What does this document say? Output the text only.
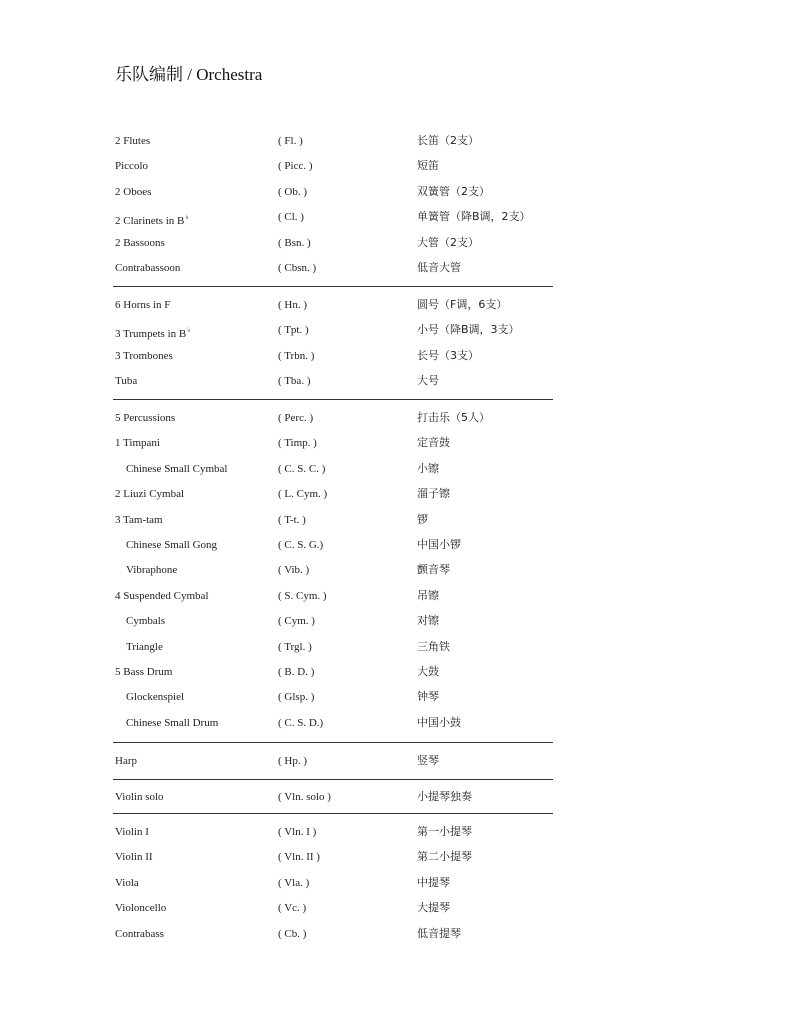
乐队编制 / Orchestra
2 Flutes	( Fl. )	长笛（2支）
Piccolo	( Picc. )	短笛
2 Oboes	( Ob. )	双簧管（2支）
2 Clarinets in B♭	( Cl. )	单簧管（降B调，2支）
2 Bassoons	( Bsn. )	大管（2支）
Contrabassoon	( Cbsn. )	低音大管
6 Horns in F	( Hn. )	圆号（F调，6支）
3 Trumpets in B♭	( Tpt. )	小号（降B调，3支）
3 Trombones	( Trbn. )	长号（3支）
Tuba	( Tba. )	大号
5 Percussions	( Perc. )	打击乐（5人）
1 Timpani	( Timp. )	定音鼓
Chinese Small Cymbal	( C. S. C. )	小镲
2 Liuzi Cymbal	( L. Cym. )	溜子镲
3 Tam-tam	( T-t. )	锣
Chinese Small Gong	( C. S. G.)	中国小锣
Vibraphone	( Vib. )	颤音琴
4 Suspended Cymbal	( S. Cym. )	吊镲
Cymbals	( Cym. )	对镲
Triangle	( Trgl. )	三角铁
5 Bass Drum	( B. D. )	大鼓
Glockenspiel	( Glsp. )	钟琴
Chinese Small Drum	( C. S. D.)	中国小鼓
Harp	( Hp. )	竖琴
Violin solo	( Vln. solo )	小提琴独奏
Violin I	( Vln. I )	第一小提琴
Violin II	( Vln. II )	第二小提琴
Viola	( Vla. )	中提琴
Violoncello	( Vc. )	大提琴
Contrabass	( Cb. )	低音提琴
